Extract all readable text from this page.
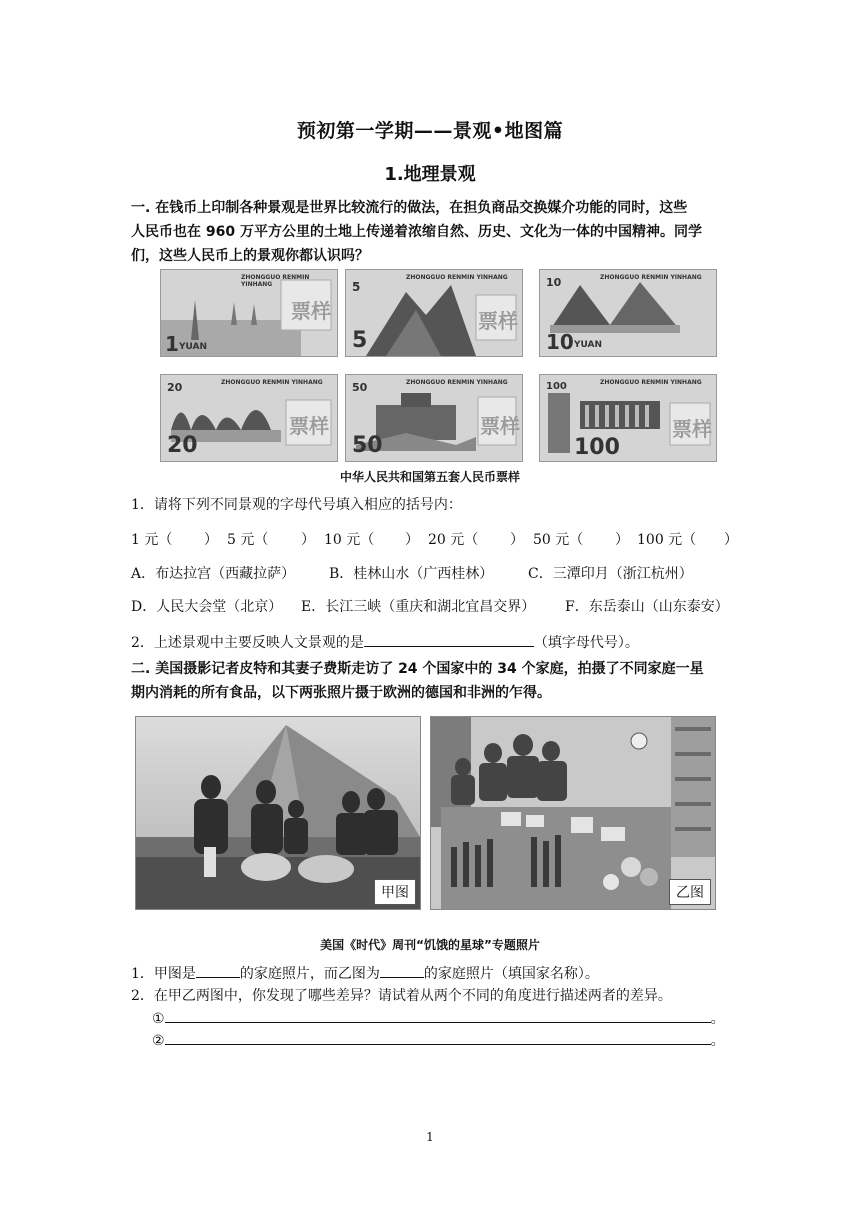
预初第一学期——景观•地图篇
1.地理景观
一. 在钱币上印制各种景观是世界比较流行的做法，在担负商品交换媒介功能的同时，这些
人民币也在 960 万平方公里的土地上传递着浓缩自然、历史、文化为一体的中国精神。同学
们，这些人民币上的景观你都认识吗？
ZHONGGUO RENMIN YINHANG
1 YUAN
票样
ZHONGGUO RENMIN YINHANG
5
5
票样
ZHONGGUO RENMIN YINHANG
10
10 YUAN
ZHONGGUO RENMIN YINHANG
20
20
票样
ZHONGGUO RENMIN YINHANG
50
50
票样
ZHONGGUO RENMIN YINHANG
100
100
票样
中华人民共和国第五套人民币票样
1．请将下列不同景观的字母代号填入相应的括号内：
1 元（ ） 5 元（ ） 10 元（ ） 20 元（ ） 50 元（ ） 100 元（ ）
A．布达拉宫（西藏拉萨） B．桂林山水（广西桂林） C．三潭印月（浙江杭州）
D．人民大会堂（北京） E．长江三峡（重庆和湖北宜昌交界） F．东岳泰山（山东泰安）
2．上述景观中主要反映人文景观的是	（填字母代号）。
二. 美国摄影记者皮特和其妻子费斯走访了 24 个国家中的 34 个家庭，拍摄了不同家庭一星
期内消耗的所有食品，以下两张照片摄于欧洲的德国和非洲的乍得。
甲图	乙图
美国《时代》周刊“饥饿的星球”专题照片
1．甲图是	的家庭照片，而乙图为	的家庭照片（填国家名称）。
2．在甲乙两图中，你发现了哪些差异？请试着从两个不同的角度进行描述两者的差异。
①	。
②	。
1
